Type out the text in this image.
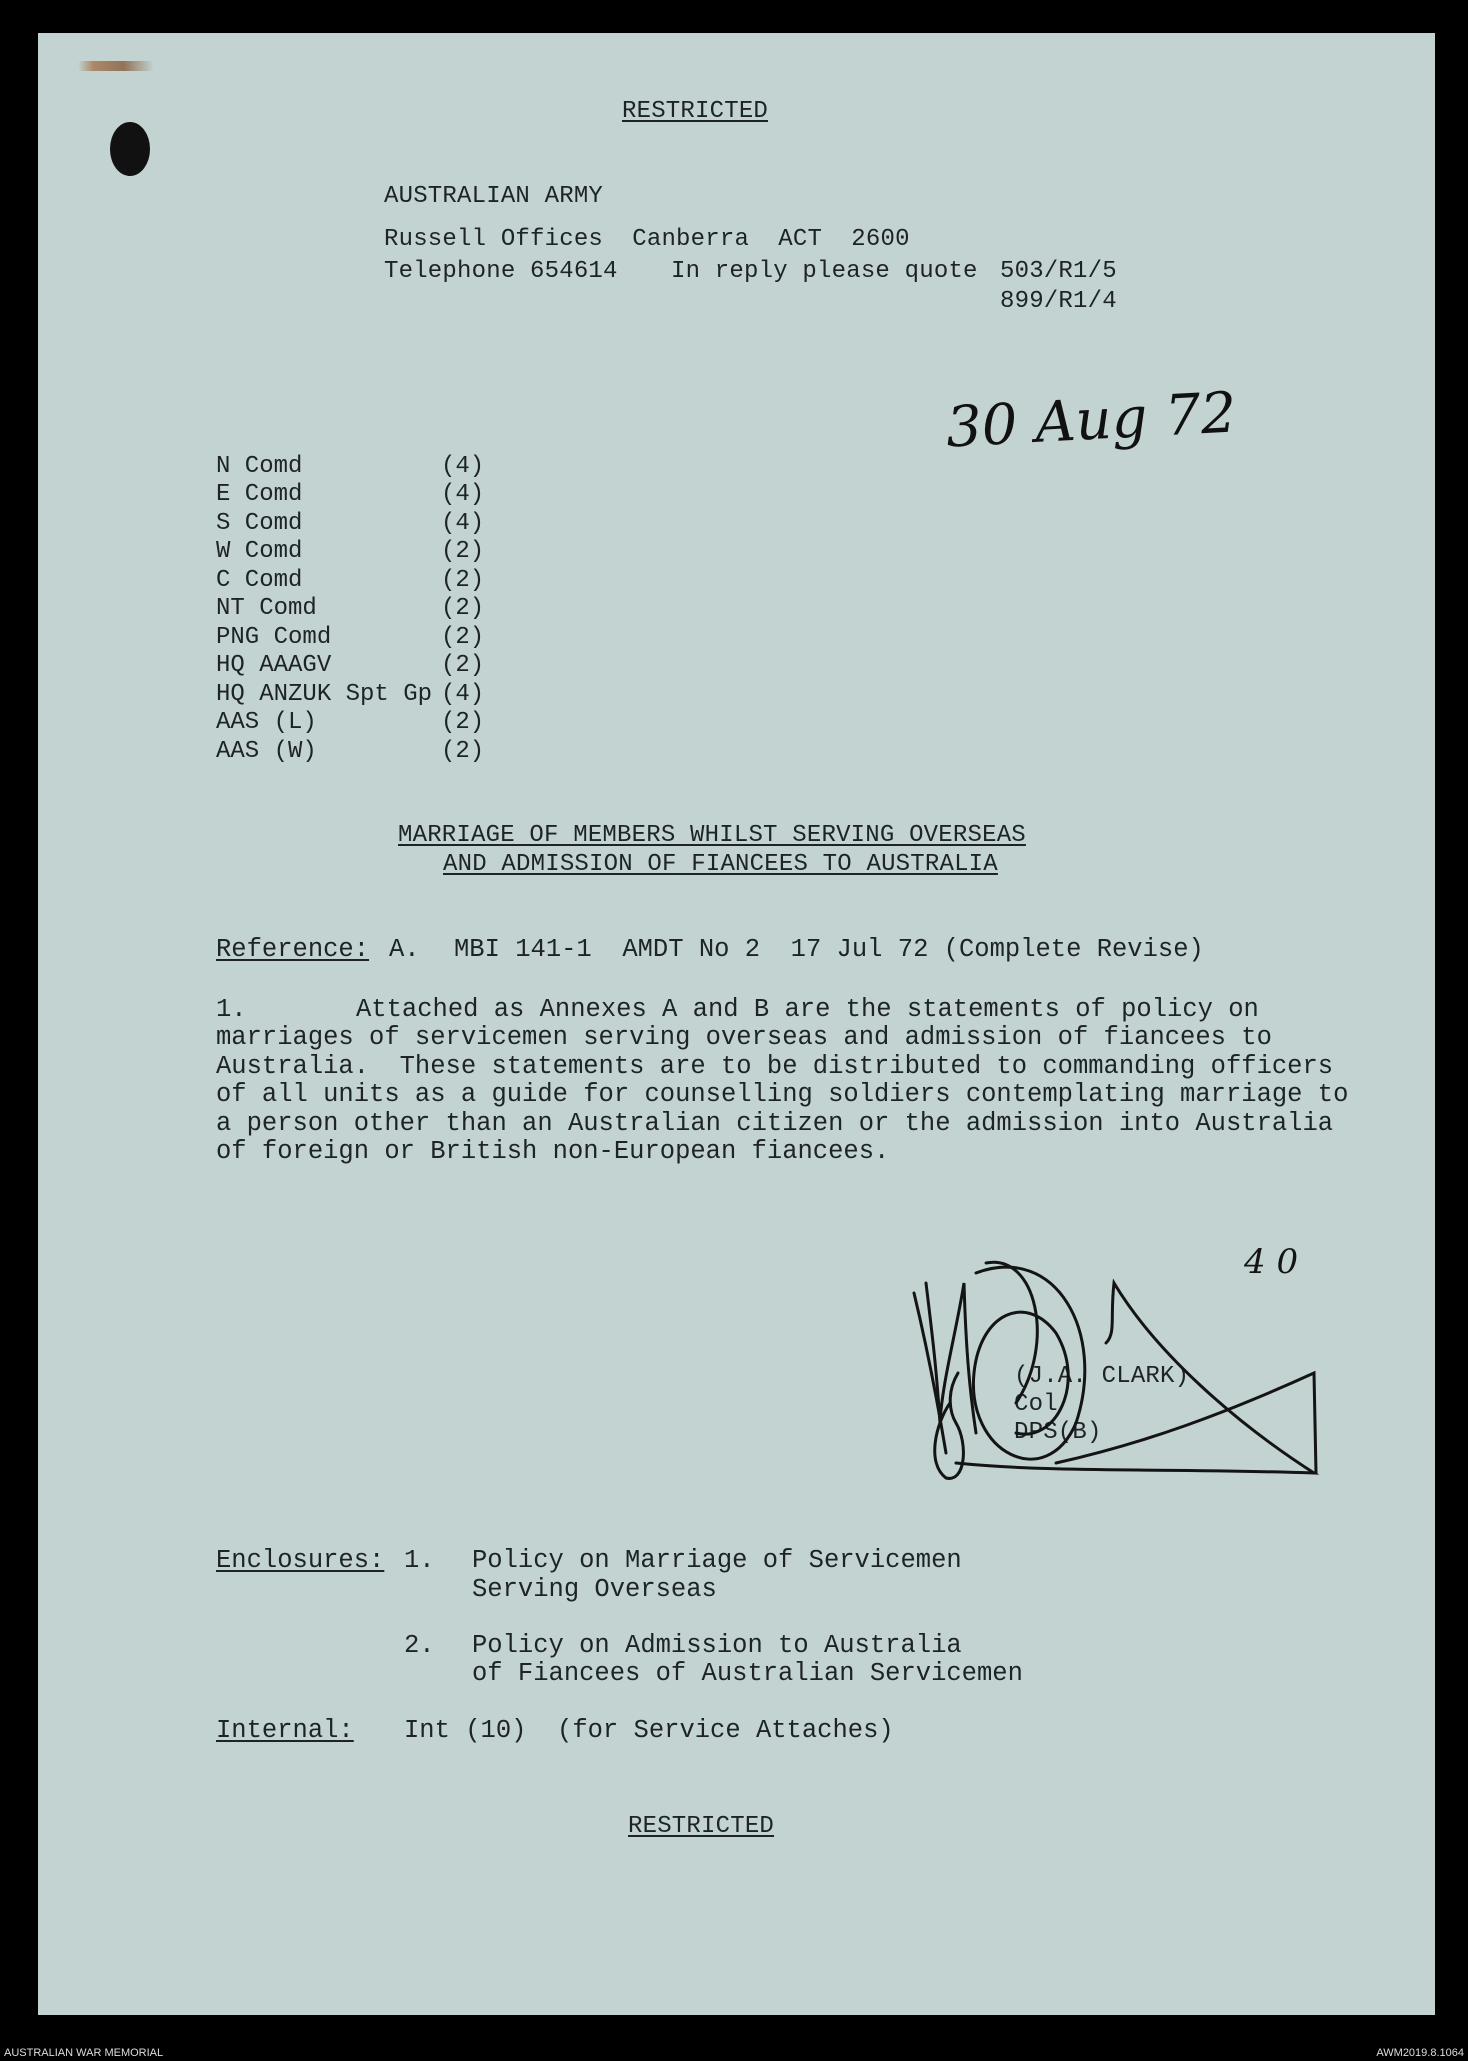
RESTRICTED
AUSTRALIAN ARMY
Russell Offices  Canberra  ACT  2600
Telephone 654614 In reply please quote 503/R1/5
899/R1/4
30 Aug 72
N Comd	(4)
E Comd	(4)
S Comd	(4)
W Comd	(2)
C Comd	(2)
NT Comd	(2)
PNG Comd	(2)
HQ AAAGV	(2)
HQ ANZUK Spt Gp (4)
AAS (L)	(2)
AAS (W)	(2)
MARRIAGE OF MEMBERS WHILST SERVING OVERSEAS
AND ADMISSION OF FIANCEES TO AUSTRALIA
Reference: A. MBI 141-1  AMDT No 2  17 Jul 72 (Complete Revise)
1.	Attached as Annexes A and B are the statements of policy on
marriages of servicemen serving overseas and admission of fiancees to
Australia.  These statements are to be distributed to commanding officers
of all units as a guide for counselling soldiers contemplating marriage to
a person other than an Australian citizen or the admission into Australia
of foreign or British non-European fiancees.
(J.A. CLARK)
Col
DPS(B)
4 0
Enclosures: 1. Policy on Marriage of Servicemen
Serving Overseas
2. Policy on Admission to Australia
of Fiancees of Australian Servicemen
Internal: Int (10)  (for Service Attaches)
RESTRICTED
AUSTRALIAN WAR MEMORIAL	AWM2019.8.1064
